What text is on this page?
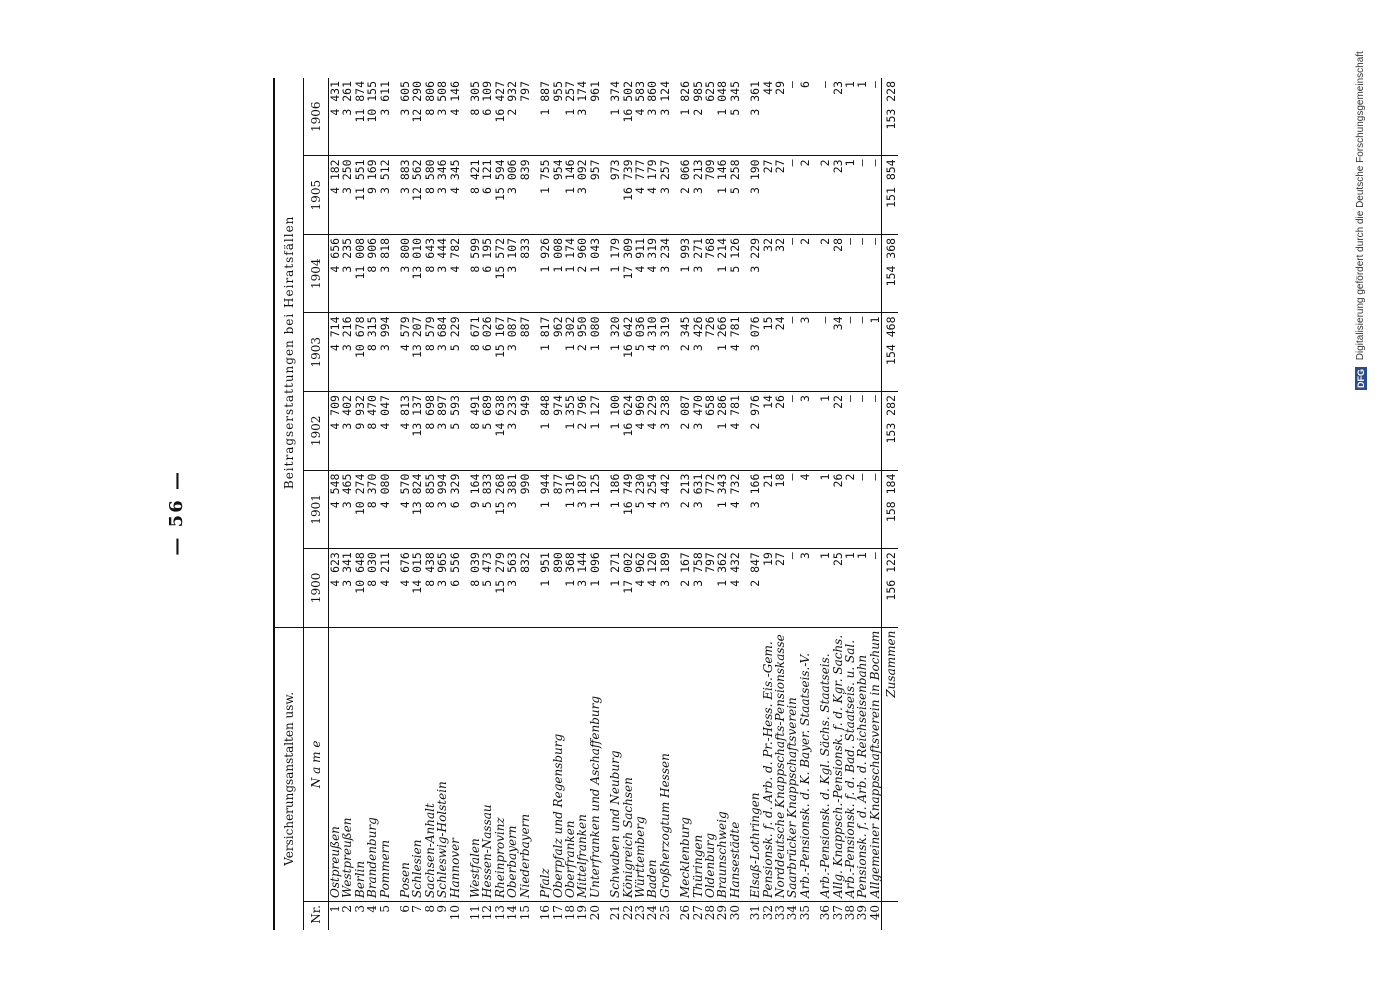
— 56 —
DFG Digitalisierung gefördert durch die Deutsche Forschungsgemeinschaft
Versicherungsanstalten usw.		Beitragserstattungen bei Heiratsfällen						
Nr.	N a m e	1900	1901	1902	1903	1904	1905	1906
1	Ostpreußen	4 623	4 548	4 709	4 714	4 656	4 182	4 431
2	Westpreußen	3 341	3 465	3 402	3 216	3 235	3 250	3 261
3	Berlin	10 648	10 274	9 932	10 678	11 008	11 551	11 874
4	Brandenburg	8 030	8 370	8 470	8 315	8 906	9 169	10 155
5	Pommern	4 211	4 080	4 047	3 994	3 818	3 512	3 611

6	Posen	4 676	4 570	4 813	4 579	3 800	3 883	3 605
7	Schlesien	14 015	13 824	13 137	13 207	13 010	12 562	12 290
8	Sachsen-Anhalt	8 438	8 855	8 698	8 579	8 643	8 580	8 806
9	Schleswig-Holstein	3 965	3 994	3 897	3 684	3 444	3 346	3 508
10	Hannover	6 556	6 329	5 593	5 229	4 782	4 345	4 146

11	Westfalen	8 039	9 164	8 491	8 671	8 599	8 421	8 305
12	Hessen-Nassau	5 473	5 833	5 689	6 026	6 195	6 121	6 109
13	Rheinprovinz	15 279	15 268	14 638	15 167	15 572	15 594	16 427
14	Oberbayern	3 563	3 381	3 233	3 087	3 107	3 006	2 932
15	Niederbayern	832	990	949	887	833	839	797

16	Pfalz	1 951	1 944	1 848	1 817	1 926	1 755	1 887
17	Oberpfalz und Regensburg	890	877	974	962	1 008	954	955
18	Oberfranken	1 368	1 316	1 355	1 302	1 174	1 146	1 257
19	Mittelfranken	3 144	3 187	2 796	2 950	2 960	3 092	3 174
20	Unterfranken und Aschaffenburg	1 096	1 125	1 127	1 080	1 043	957	961

21	Schwaben und Neuburg	1 271	1 186	1 100	1 320	1 179	973	1 374
22	Königreich Sachsen	17 002	16 749	16 624	16 642	17 309	16 739	16 502
23	Württemberg	4 962	5 230	4 969	5 036	4 911	4 777	4 583
24	Baden	4 120	4 254	4 229	4 310	4 319	4 179	3 860
25	Großherzogtum Hessen	3 189	3 442	3 238	3 319	3 234	3 257	3 124

26	Mecklenburg	2 167	2 213	2 087	2 345	1 993	2 066	1 826
27	Thüringen	3 758	3 631	3 470	3 426	3 271	3 213	2 985
28	Oldenburg	797	772	658	726	768	709	625
29	Braunschweig	1 362	1 343	1 286	1 266	1 214	1 146	1 048
30	Hansestädte	4 432	4 732	4 781	4 781	5 126	5 258	5 345

31	Elsaß-Lothringen	2 847	3 166	2 976	3 076	3 229	3 190	3 361
32	Pensionsk. f. d. Arb. d. Pr.-Hess. Eis.-Gem.	19	21	14	15	32	27	44
33	Norddeutsche Knappschafts-Pensionskasse	27	18	26	24	32	27	29
34	Saarbrücker Knappschaftsverein	—	—	—	—	—	—	—
35	Arb.-Pensionsk. d. K. Bayer. Staatseis.-V.	3	4	3	3	2	2	6

36	Arb.-Pensionsk. d. Kgl. Sächs. Staatseis.	1	1	1	—	2	2	—
37	Allg. Knappsch.-Pensionsk. f. d. Kgr. Sachs.	25	26	22	34	28	23	23
38	Arb.-Pensionsk. f. d. Bad. Staatseis. u. Sal.	1	2	—	—	—	1	1
39	Pensionsk. f. d. Arb. d. Reichseisenbahn	1	—	—	—	—	—	1
40	Allgemeiner Knappschaftsverein in Bochum	—	—	—	1	—	—	—
	Zusammen	156 122	158 184	153 282	154 468	154 368	151 854	153 228
